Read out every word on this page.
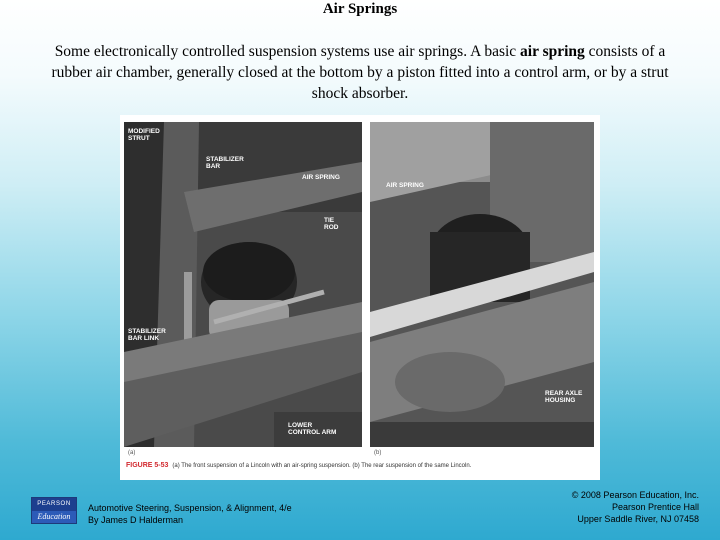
Air Springs
Some electronically controlled suspension systems use air springs. A basic air spring consists of a rubber air chamber, generally closed at the bottom by a piston fitted into a control arm, or by a strut shock absorber.
MODIFIED
STRUT
STABILIZER
BAR
AIR SPRING
TIE
ROD
STABILIZER
BAR LINK
LOWER
CONTROL ARM
AIR SPRING
REAR AXLE
HOUSING
(a)	(b)
FIGURE 5-53 (a) The front suspension of a Lincoln with an air-spring suspension. (b) The rear suspension of the same Lincoln.
PEARSON
Education
Automotive Steering, Suspension, & Alignment, 4/e
By James D Halderman
© 2008 Pearson Education, Inc.
Pearson Prentice Hall
Upper Saddle River, NJ 07458
